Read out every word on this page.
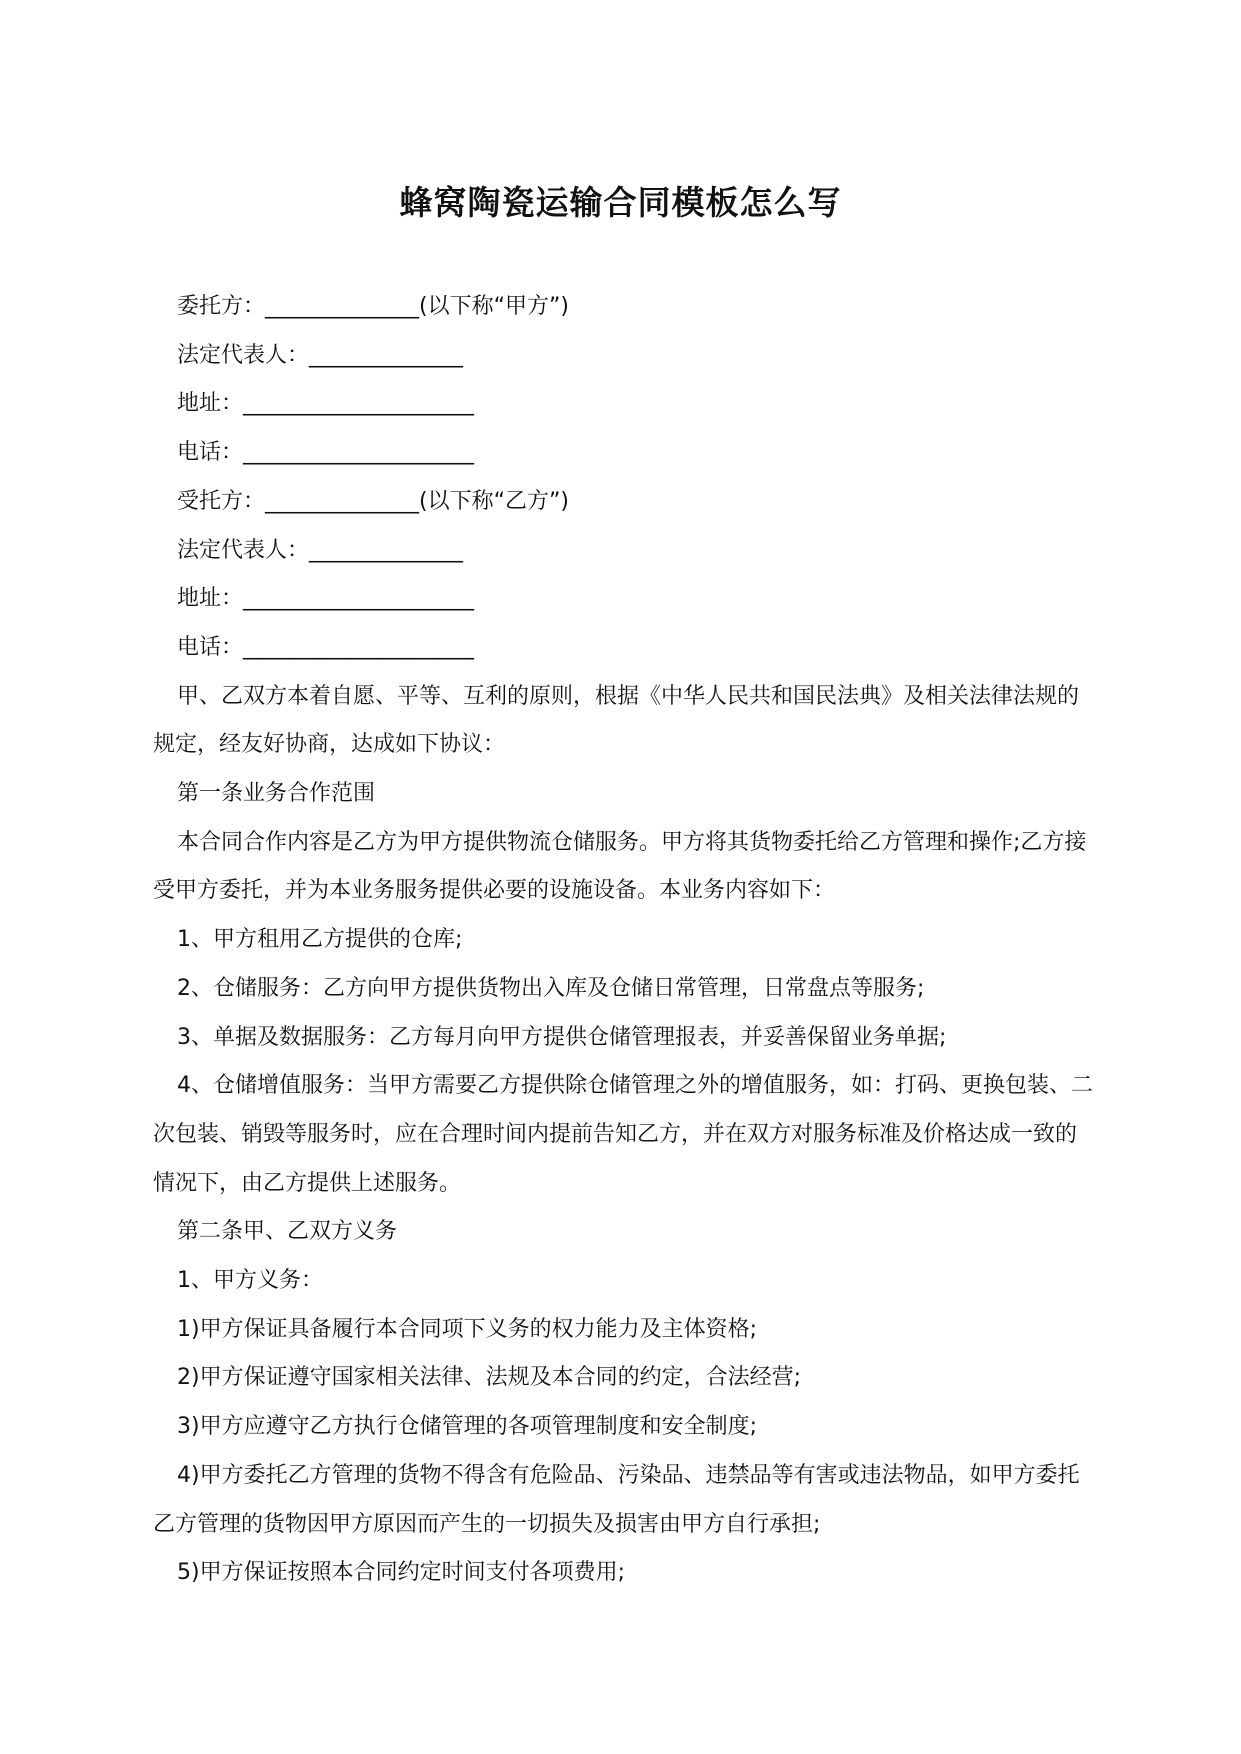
蜂窝陶瓷运输合同模板怎么写

委托方：______________(以下称“甲方”)

法定代表人：______________

地址：_____________________

电话：_____________________

受托方：______________(以下称“乙方”)

法定代表人：______________

地址：_____________________

电话：_____________________

甲、乙双方本着自愿、平等、互利的原则，根据《中华人民共和国民法典》及相关法律法规的规定，经友好协商，达成如下协议：

第一条业务合作范围

本合同合作内容是乙方为甲方提供物流仓储服务。甲方将其货物委托给乙方管理和操作;乙方接受甲方委托，并为本业务服务提供必要的设施设备。本业务内容如下：

1、甲方租用乙方提供的仓库;

2、仓储服务：乙方向甲方提供货物出入库及仓储日常管理，日常盘点等服务;

3、单据及数据服务：乙方每月向甲方提供仓储管理报表，并妥善保留业务单据;

4、仓储增值服务：当甲方需要乙方提供除仓储管理之外的增值服务，如：打码、更换包装、二次包装、销毁等服务时，应在合理时间内提前告知乙方，并在双方对服务标准及价格达成一致的情况下，由乙方提供上述服务。

第二条甲、乙双方义务

1、甲方义务：

1)甲方保证具备履行本合同项下义务的权力能力及主体资格;

2)甲方保证遵守国家相关法律、法规及本合同的约定，合法经营;

3)甲方应遵守乙方执行仓储管理的各项管理制度和安全制度;

4)甲方委托乙方管理的货物不得含有危险品、污染品、违禁品等有害或违法物品，如甲方委托乙方管理的货物因甲方原因而产生的一切损失及损害由甲方自行承担;

5)甲方保证按照本合同约定时间支付各项费用;
